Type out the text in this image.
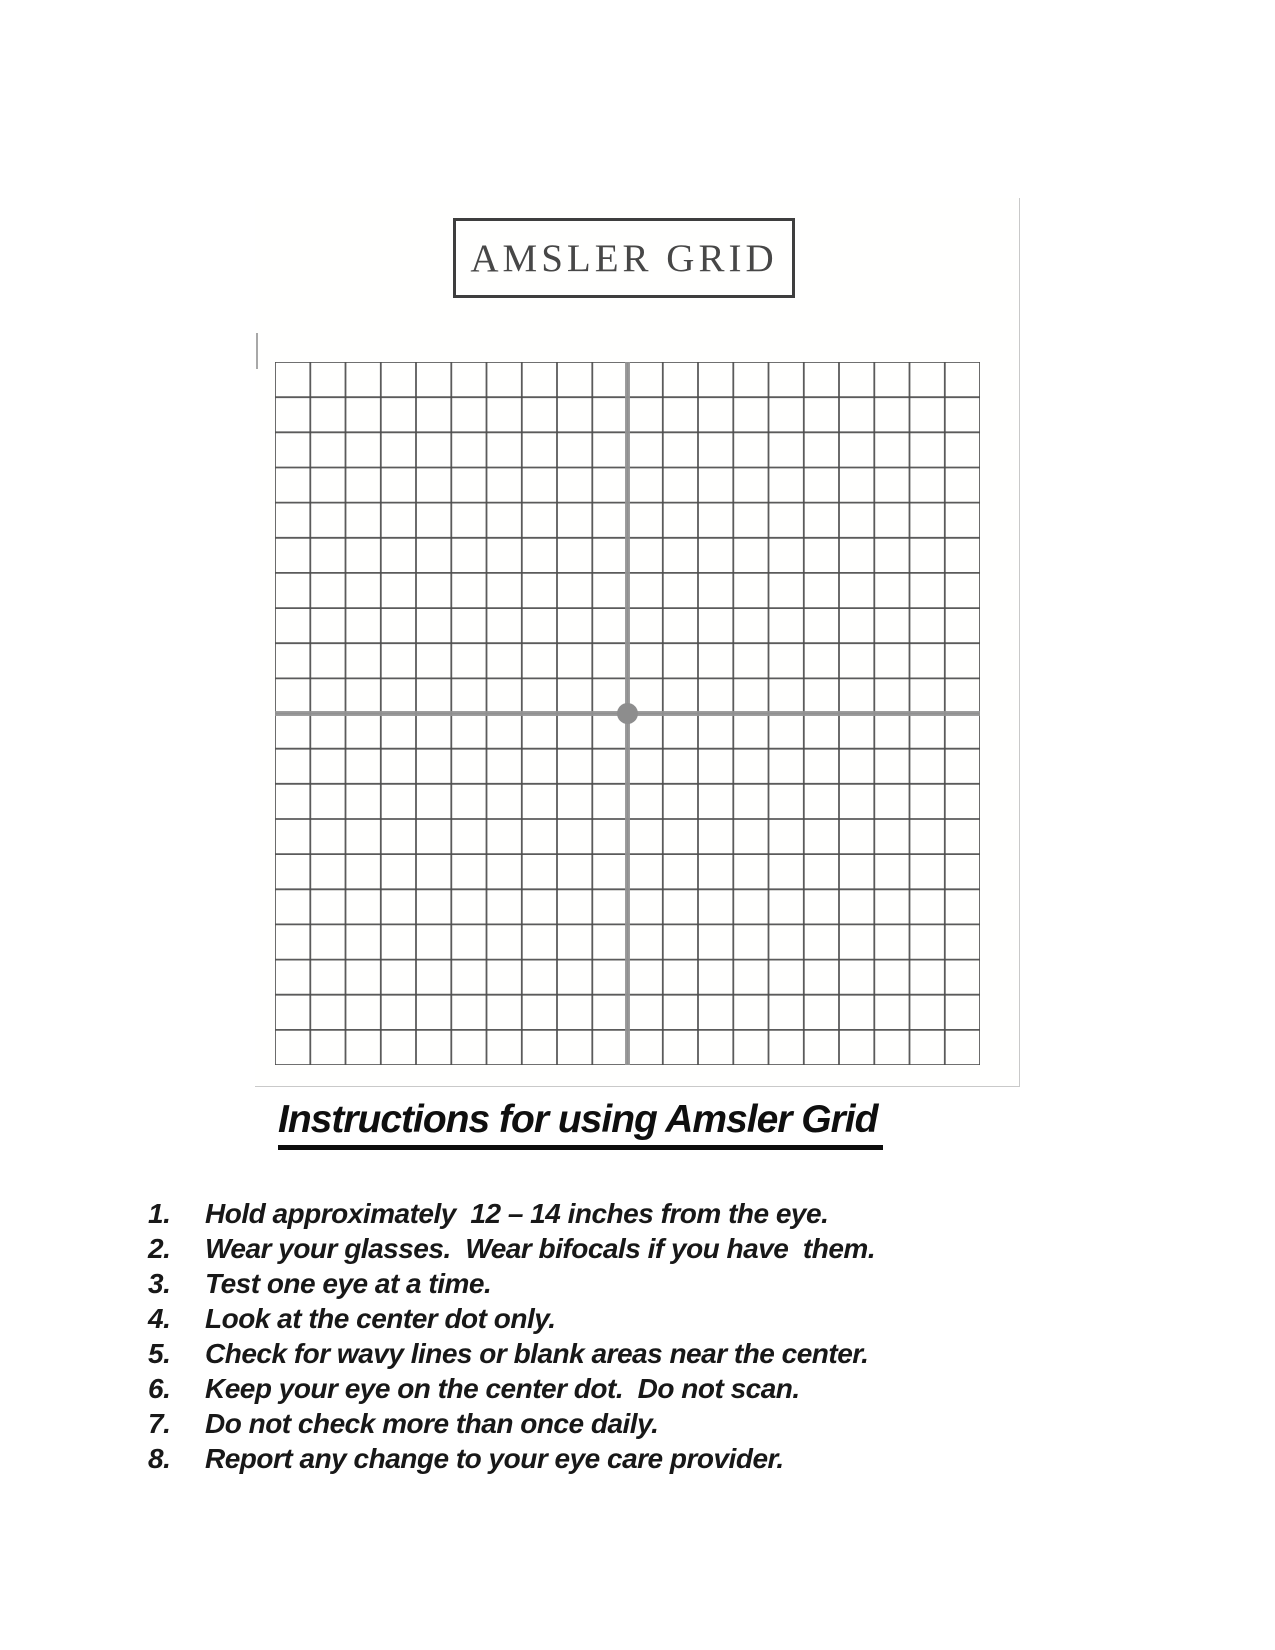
AMSLER GRID
Instructions for using Amsler Grid
1.	Hold approximately  12 – 14 inches from the eye.
2.	Wear your glasses.  Wear bifocals if you have  them.
3.	Test one eye at a time.
4.	Look at the center dot only.
5.	Check for wavy lines or blank areas near the center.
6.	Keep your eye on the center dot.  Do not scan.
7.	Do not check more than once daily.
8.	Report any change to your eye care provider.
